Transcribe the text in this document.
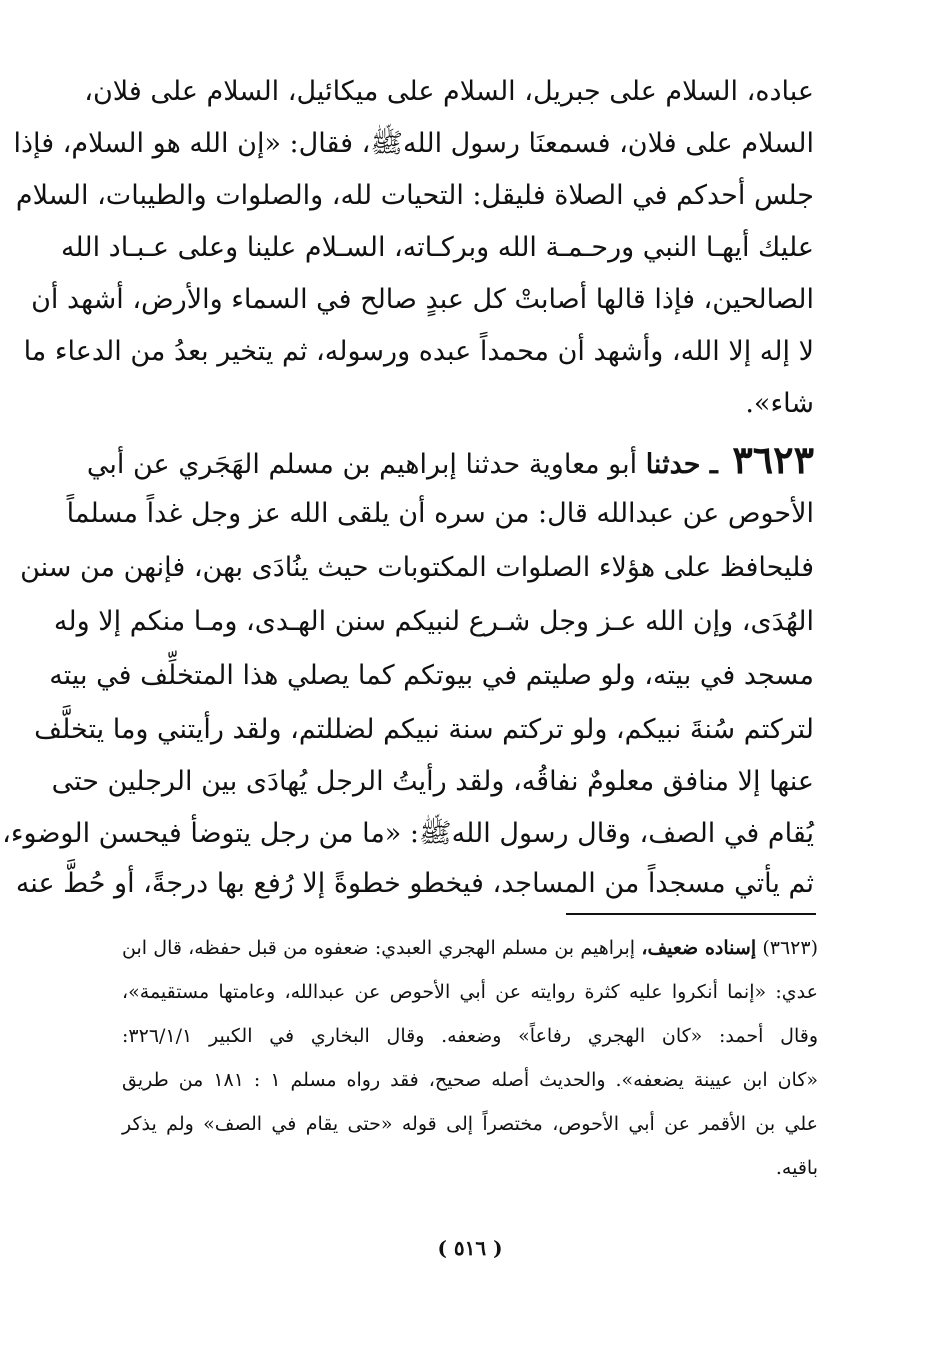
عباده، السلام على جبريل، السلام على ميكائيل، السلام على فلان،
السلام على فلان، فسمعنَا رسول اللهﷺ، فقال: «إن الله هو السلام، فإذا
جلس أحدكم في الصلاة فليقل: التحيات لله، والصلوات والطيبات، السلام
عليك أيهـا النبي ورحـمـة الله وبركـاته، السـلام علينا وعلى عـبـاد الله
الصالحين، فإذا قالها أصابتْ كل عبدٍ صالح في السماء والأرض، أشهد أن
لا إله إلا الله، وأشهد أن محمداً عبده ورسوله، ثم يتخير بعدُ من الدعاء ما
شاء».
٣٦٢٣ ـ حدثنا أبو معاوية حدثنا إبراهيم بن مسلم الهَجَري عن أبي
الأحوص عن عبدالله قال: من سره أن يلقى الله عز وجل غداً مسلماً
فليحافظ على هؤلاء الصلوات المكتوبات حيث ينُادَى بهن، فإنهن من سنن
الهُدَى، وإن الله عـز وجل شـرع لنبيكم سنن الهـدى، ومـا منكم إلا وله
مسجد في بيته، ولو صليتم في بيوتكم كما يصلي هذا المتخلِّف في بيته
لتركتم سُنةَ نبيكم، ولو تركتم سنة نبيكم لضللتم، ولقد رأيتني وما يتخلَّف
عنها إلا منافق معلومٌ نفاقُه، ولقد رأيتُ الرجل يُهادَى بين الرجلين حتى
يُقام في الصف، وقال رسول اللهﷺ: «ما من رجل يتوضأ فيحسن الوضوء،
ثم يأتي مسجداً من المساجد، فيخطو خطوةً إلا رُفع بها درجةً، أو حُطَّ عنه
(٣٦٢٣) إسناده ضعيف، إبراهيم بن مسلم الهجري العبدي: ضعفوه من قبل حفظه، قال ابن
عدي: «إنما أنكروا عليه كثرة روايته عن أبي الأحوص عن عبدالله، وعامتها مستقيمة»،
وقال أحمد: «كان الهجري رفاعاً» وضعفه. وقال البخاري في الكبير ٣٢٦/١/١:
«كان ابن عيينة يضعفه». والحديث أصله صحيح، فقد رواه مسلم ١ : ١٨١ من طريق
علي بن الأقمر عن أبي الأحوص، مختصراً إلى قوله «حتى يقام في الصف» ولم يذكر
باقيه.
( ٥١٦ )
